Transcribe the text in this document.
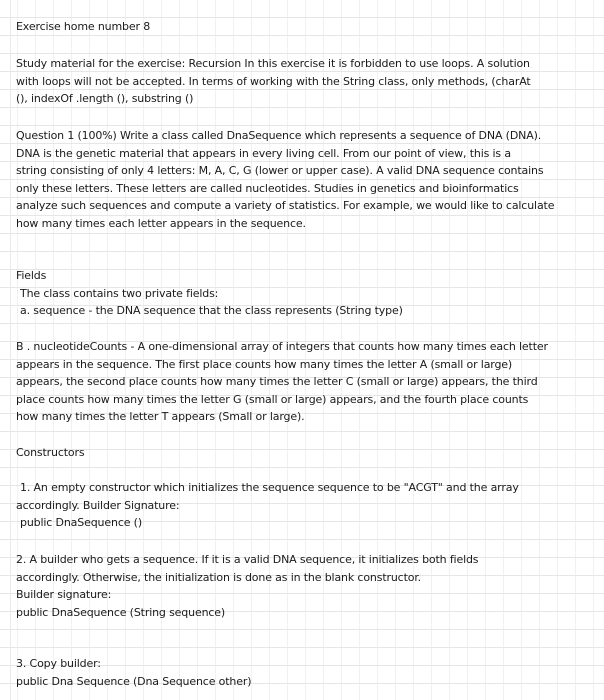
Exercise home number 8
Study material for the exercise: Recursion In this exercise it is forbidden to use loops. A solution
with loops will not be accepted. In terms of working with the String class, only methods, (charAt
(), indexOf .length (), substring ()
Question 1 (100%) Write a class called DnaSequence which represents a sequence of DNA (DNA).
DNA is the genetic material that appears in every living cell. From our point of view, this is a
string consisting of only 4 letters: M, A, C, G (lower or upper case). A valid DNA sequence contains
only these letters. These letters are called nucleotides. Studies in genetics and bioinformatics
analyze such sequences and compute a variety of statistics. For example, we would like to calculate
how many times each letter appears in the sequence.
Fields
The class contains two private fields:
a. sequence - the DNA sequence that the class represents (String type)
B . nucleotideCounts - A one-dimensional array of integers that counts how many times each letter
appears in the sequence. The first place counts how many times the letter A (small or large)
appears, the second place counts how many times the letter C (small or large) appears, the third
place counts how many times the letter G (small or large) appears, and the fourth place counts
how many times the letter T appears (Small or large).
Constructors
1. An empty constructor which initializes the sequence sequence to be "ACGT" and the array
accordingly. Builder Signature:
public DnaSequence ()
2. A builder who gets a sequence. If it is a valid DNA sequence, it initializes both fields
accordingly. Otherwise, the initialization is done as in the blank constructor.
Builder signature:
public DnaSequence (String sequence)
3. Copy builder:
public Dna Sequence (Dna Sequence other)
